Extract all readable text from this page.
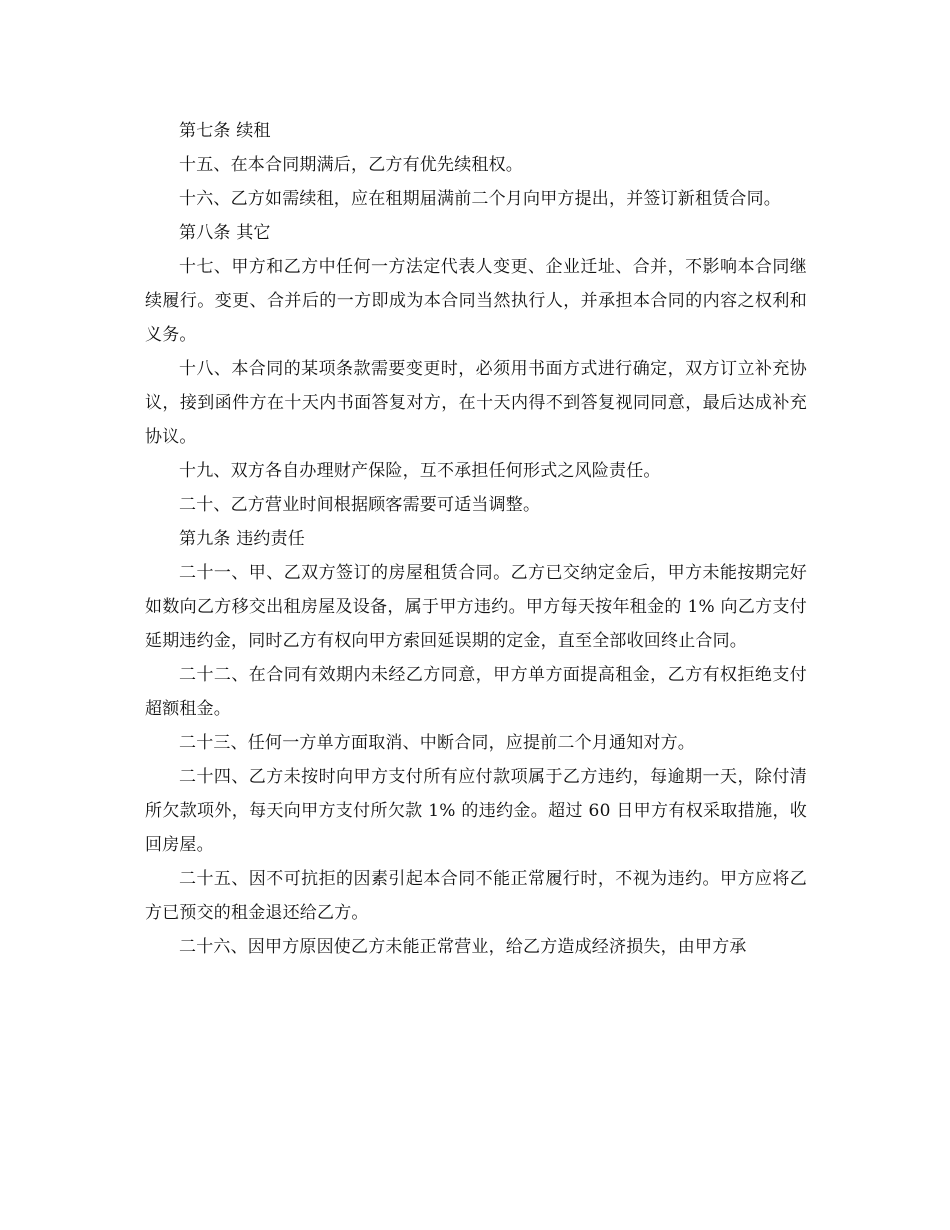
第七条 续租

十五、在本合同期满后，乙方有优先续租权。

十六、乙方如需续租，应在租期届满前二个月向甲方提出，并签订新租赁合同。

第八条 其它

十七、甲方和乙方中任何一方法定代表人变更、企业迁址、合并，不影响本合同继续履行。变更、合并后的一方即成为本合同当然执行人，并承担本合同的内容之权利和义务。

十八、本合同的某项条款需要变更时，必须用书面方式进行确定，双方订立补充协议，接到函件方在十天内书面答复对方，在十天内得不到答复视同同意，最后达成补充协议。

十九、双方各自办理财产保险，互不承担任何形式之风险责任。

二十、乙方营业时间根据顾客需要可适当调整。

第九条 违约责任

二十一、甲、乙双方签订的房屋租赁合同。乙方已交纳定金后，甲方未能按期完好如数向乙方移交出租房屋及设备，属于甲方违约。甲方每天按年租金的 1% 向乙方支付延期违约金，同时乙方有权向甲方索回延误期的定金，直至全部收回终止合同。

二十二、在合同有效期内未经乙方同意，甲方单方面提高租金，乙方有权拒绝支付超额租金。

二十三、任何一方单方面取消、中断合同，应提前二个月通知对方。

二十四、乙方未按时向甲方支付所有应付款项属于乙方违约，每逾期一天，除付清所欠款项外，每天向甲方支付所欠款 1% 的违约金。超过 60 日甲方有权采取措施，收回房屋。

二十五、因不可抗拒的因素引起本合同不能正常履行时，不视为违约。甲方应将乙方已预交的租金退还给乙方。

二十六、因甲方原因使乙方未能正常营业，给乙方造成经济损失，由甲方承
